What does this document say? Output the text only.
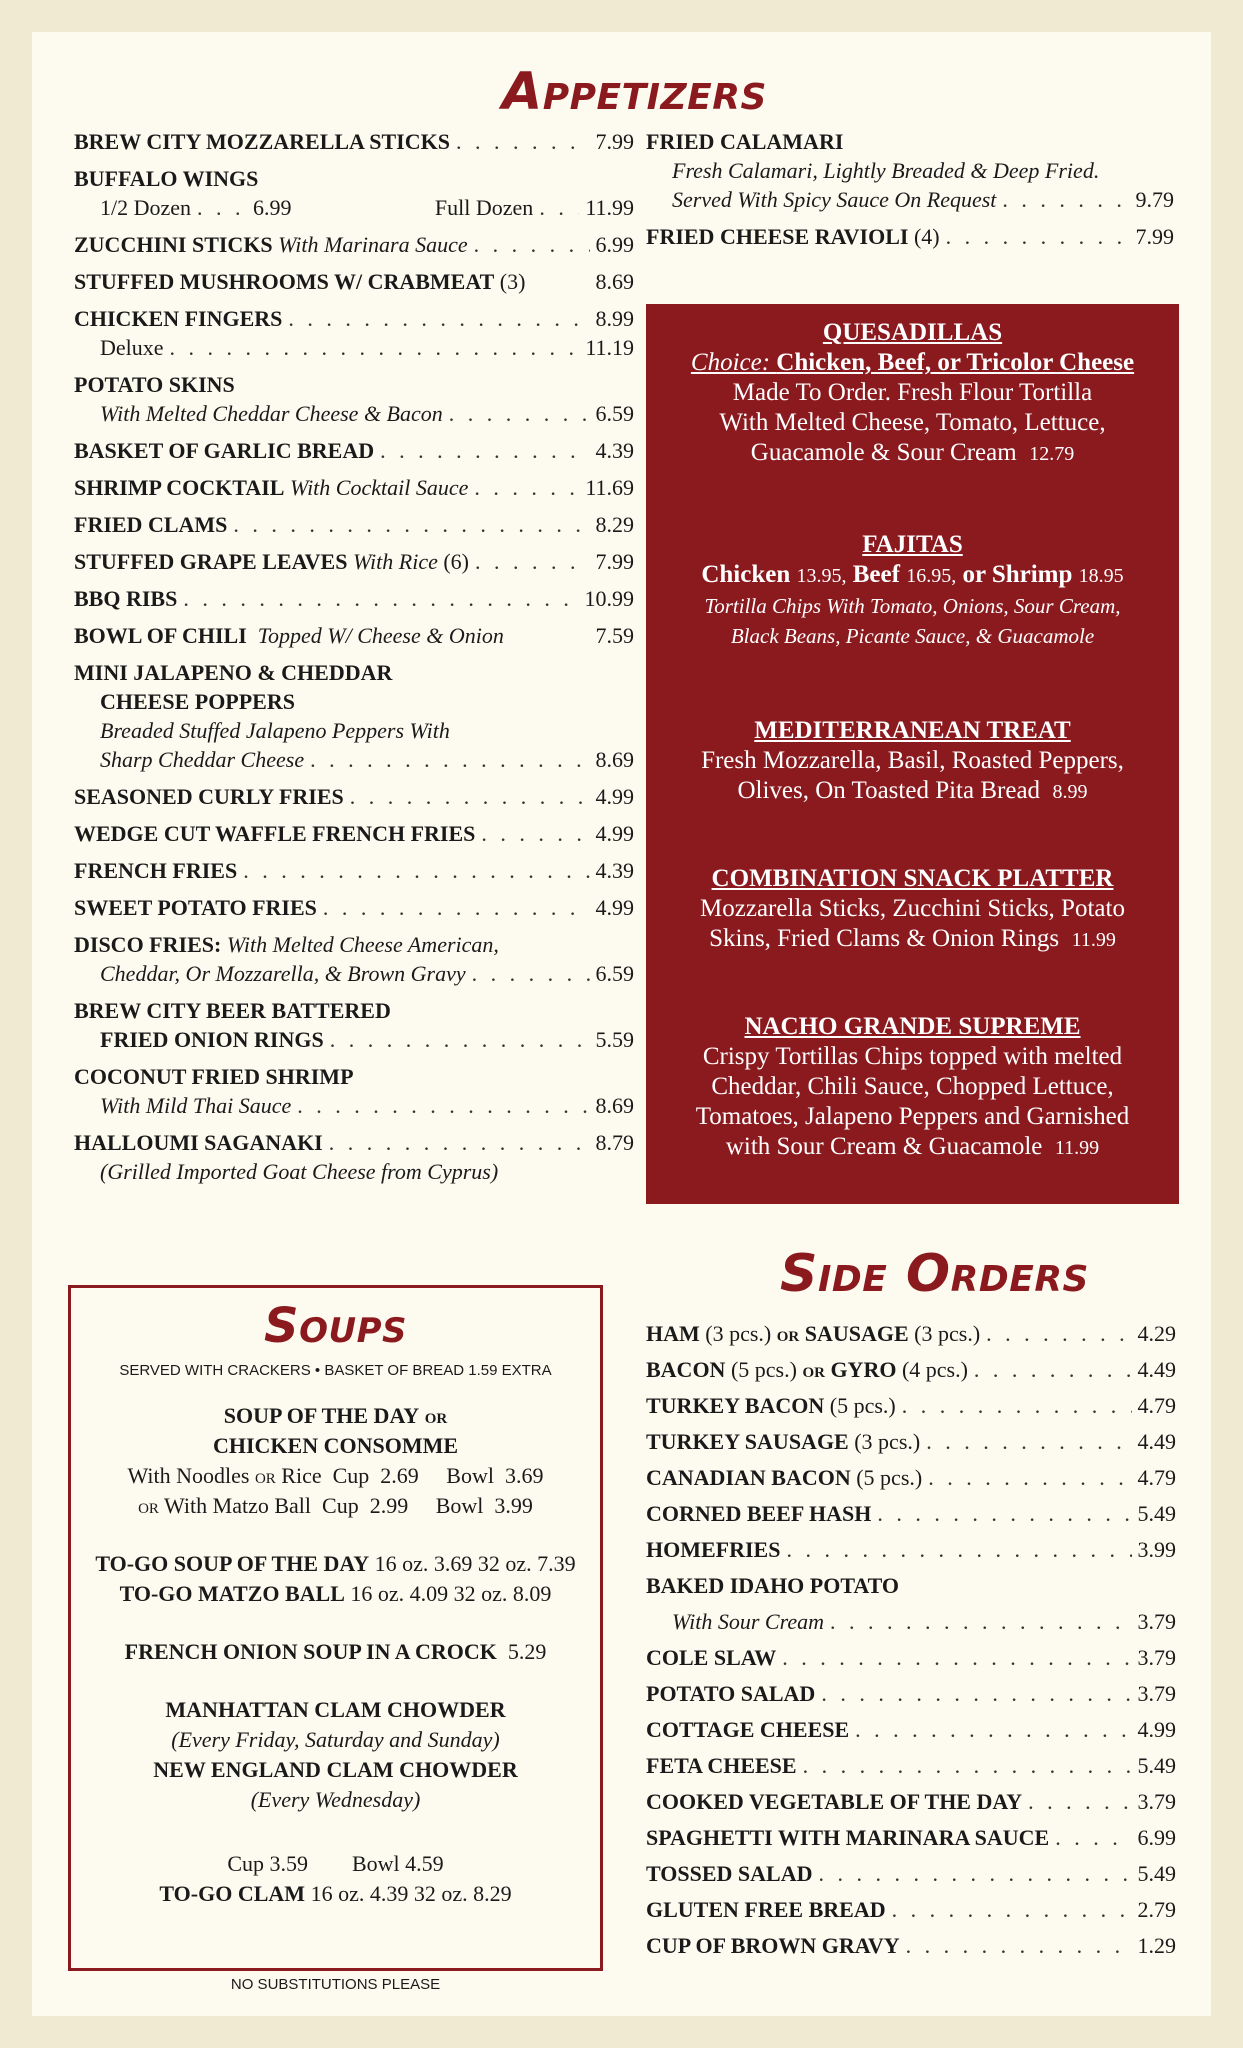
Appetizers
BREW CITY MOZZARELLA STICKS . . .	7.99
BUFFALO WINGS
1/2 Dozen . . .	6.99	Full Dozen . . . 11.99
ZUCCHINI STICKS
With Marinara Sauce . . .	6.99
STUFFED MUSHROOMS W/ CRABMEAT
(3)	8.69
CHICKEN FINGERS . . .	8.99
Deluxe . . .	11.19
POTATO SKINS
With Melted Cheddar Cheese & Bacon . . .	6.59
BASKET OF GARLIC BREAD . . .	4.39
SHRIMP COCKTAIL
With Cocktail Sauce . . .	11.69
FRIED CLAMS . . .	8.29
STUFFED GRAPE LEAVES
With Rice
(6) . . .	7.99
BBQ RIBS . . .	10.99
BOWL OF CHILI
Topped W/ Cheese & Onion	7.59
MINI JALAPENO & CHEDDAR
CHEESE POPPERS
Breaded Stuffed Jalapeno Peppers With
Sharp Cheddar Cheese . . .	8.69
SEASONED CURLY FRIES . . .	4.99
WEDGE CUT WAFFLE FRENCH FRIES . . .	4.99
FRENCH FRIES . . .	4.39
SWEET POTATO FRIES . . .	4.99
DISCO FRIES:
With Melted Cheese American,
Cheddar, Or Mozzarella, & Brown Gravy . . .	6.59
BREW CITY BEER BATTERED
FRIED ONION RINGS . . .	5.59
COCONUT FRIED SHRIMP
With Mild Thai Sauce . . .	8.69
HALLOUMI SAGANAKI . . .	8.79
(Grilled Imported Goat Cheese from Cyprus)
FRIED CALAMARI
Fresh Calamari, Lightly Breaded & Deep Fried.
Served With Spicy Sauce On Request . . .	9.79
FRIED CHEESE RAVIOLI
(4) . . .	7.99
QUESADILLAS
Choice: Chicken, Beef, or Tricolor Cheese
Made To Order. Fresh Flour Tortilla
With Melted Cheese, Tomato, Lettuce,
Guacamole & Sour Cream 12.79
FAJITAS
Chicken 13.95, Beef 16.95, or Shrimp 18.95
Tortilla Chips With Tomato, Onions, Sour Cream,
Black Beans, Picante Sauce, & Guacamole
MEDITERRANEAN TREAT
Fresh Mozzarella, Basil, Roasted Peppers,
Olives, On Toasted Pita Bread 8.99
COMBINATION SNACK PLATTER
Mozzarella Sticks, Zucchini Sticks, Potato
Skins, Fried Clams & Onion Rings 11.99
NACHO GRANDE SUPREME
Crispy Tortillas Chips topped with melted
Cheddar, Chili Sauce, Chopped Lettuce,
Tomatoes, Jalapeno Peppers and Garnished
with Sour Cream & Guacamole 11.99
Side Orders
HAM
(3 pcs.)
or
SAUSAGE
(3 pcs.) . . .	4.29
BACON
(5 pcs.)
or
GYRO
(4 pcs.) . . .	4.49
TURKEY BACON
(5 pcs.) . . .	4.79
TURKEY SAUSAGE
(3 pcs.) . . .	4.49
CANADIAN BACON
(5 pcs.) . . .	4.79
CORNED BEEF HASH . . .	5.49
HOMEFRIES . . .	3.99
BAKED IDAHO POTATO
With Sour Cream . . .	3.79
COLE SLAW . . .	3.79
POTATO SALAD . . .	3.79
COTTAGE CHEESE . . .	4.99
FETA CHEESE . . .	5.49
COOKED VEGETABLE OF THE DAY . . .	3.79
SPAGHETTI WITH MARINARA SAUCE . . .	6.99
TOSSED SALAD . . .	5.49
GLUTEN FREE BREAD . . .	2.79
CUP OF BROWN GRAVY . . .	1.29
Soups
SERVED WITH CRACKERS • BASKET OF BREAD 1.59 EXTRA
SOUP OF THE DAY or
CHICKEN CONSOMME
With Noodles or Rice Cup 2.69 Bowl 3.69
or With Matzo Ball Cup 2.99 Bowl 3.99
TO-GO SOUP OF THE DAY 16 oz. 3.69 32 oz. 7.39
TO-GO MATZO BALL 16 oz. 4.09 32 oz. 8.09
FRENCH ONION SOUP IN A CROCK 5.29
MANHATTAN CLAM CHOWDER
(Every Friday, Saturday and Sunday)
NEW ENGLAND CLAM CHOWDER
(Every Wednesday)
Cup 3.59 Bowl 4.59
TO-GO CLAM 16 oz. 4.39 32 oz. 8.29
NO SUBSTITUTIONS PLEASE
